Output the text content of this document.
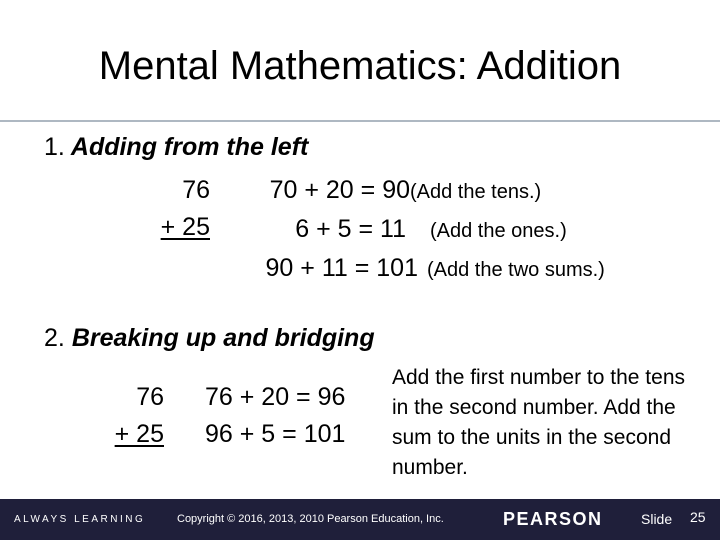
Mental Mathematics: Addition
1. Adding from the left
76
+ 25
70 + 20 = 90 (Add the tens.)
6 + 5 = 11 (Add the ones.)
90 + 11 = 101 (Add the two sums.)
2. Breaking up and bridging
76
+ 25
76 + 20 = 96
96 + 5 = 101
Add the first number to the tens in the second number. Add the sum to the units in the second number.
ALWAYS LEARNING	Copyright © 2016, 2013, 2010 Pearson Education, Inc.	PEARSON	Slide 25
